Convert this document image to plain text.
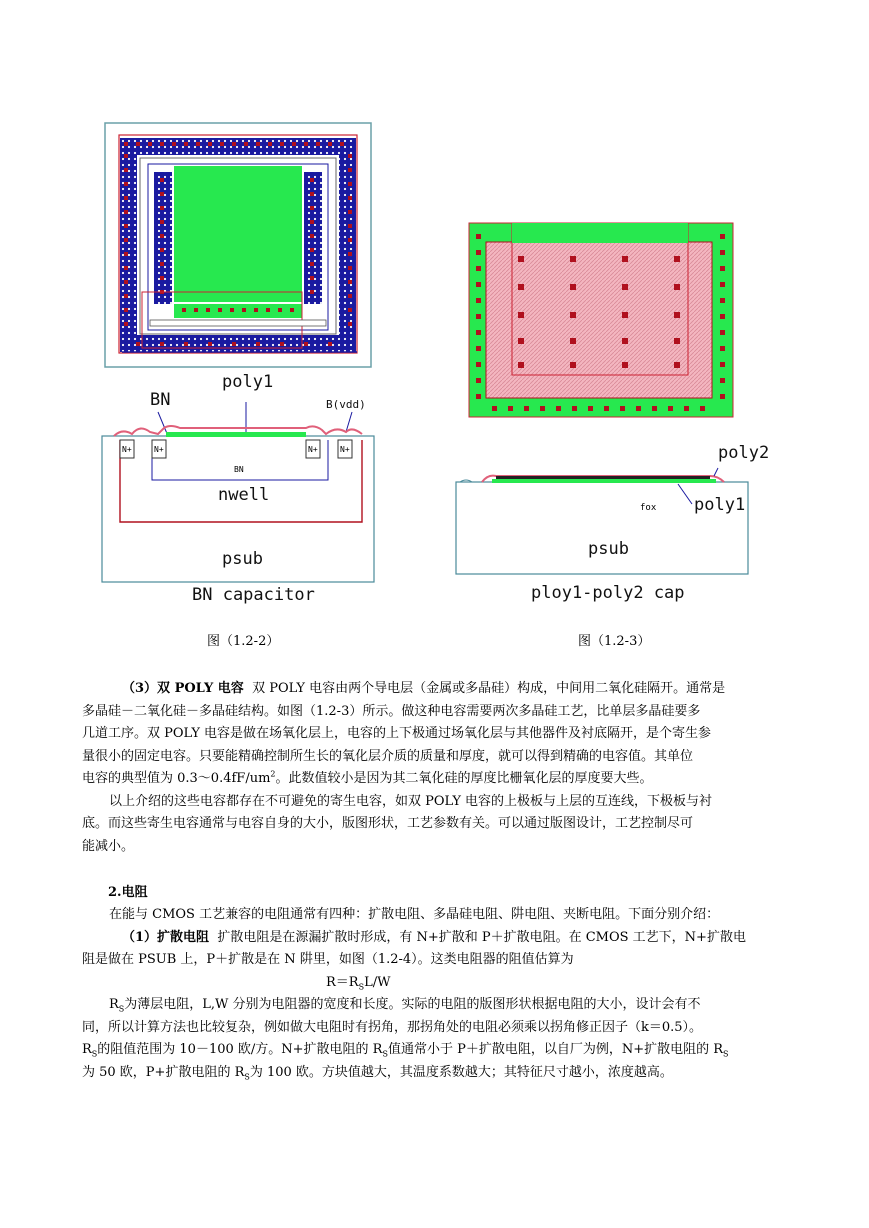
poly1
BN	B(vdd)
N+	N+	N+	N+
BN
nwell
psub
BN capacitor
图（1.2-2）
poly2
fox poly1
psub
ploy1-poly2 cap
图（1.2-3）
（3）双 POLY 电容 双 POLY 电容由两个导电层（金属或多晶硅）构成，中间用二氧化硅隔开。通常是
多晶硅－二氧化硅－多晶硅结构。如图（1.2-3）所示。做这种电容需要两次多晶硅工艺，比单层多晶硅要多
几道工序。双 POLY 电容是做在场氧化层上，电容的上下极通过场氧化层与其他器件及衬底隔开，是个寄生参
量很小的固定电容。只要能精确控制所生长的氧化层介质的质量和厚度，就可以得到精确的电容值。其单位
电容的典型值为 $0.3\sim 0.4fF/um^2$。此数值较小是因为其二氧化硅的厚度比栅氧化层的厚度要大些。
以上介绍的这些电容都存在不可避免的寄生电容，如双 POLY 电容的上极板与上层的互连线，下极板与衬
底。而这些寄生电容通常与电容自身的大小，版图形状，工艺参数有关。可以通过版图设计，工艺控制尽可
能减小。
2.电阻
在能与 CMOS 工艺兼容的电阻通常有四种：扩散电阻、多晶硅电阻、阱电阻、夹断电阻。下面分别介绍：
（1）扩散电阻 扩散电阻是在源漏扩散时形成，有 N+扩散和 P＋扩散电阻。在 CMOS 工艺下，N+扩散电
阻是做在 PSUB 上，P＋扩散是在 N 阱里，如图（1.2-4）。这类电阻器的阻值估算为
$R=R_SL/W$
$R_S$为薄层电阻，L,W 分别为电阻器的宽度和长度。实际的电阻的版图形状根据电阻的大小，设计会有不
同，所以计算方法也比较复杂，例如做大电阻时有拐角，那拐角处的电阻必须乘以拐角修正因子（k＝0.5）。
$R_S$的阻值范围为 10－100 欧/方。N+扩散电阻的 $R_S$值通常小于 P＋扩散电阻，以自厂为例，N+扩散电阻的 $R_S$
为 50 欧，P+扩散电阻的 $R_S$为 100 欧。方块值越大，其温度系数越大；其特征尺寸越小，浓度越高。
